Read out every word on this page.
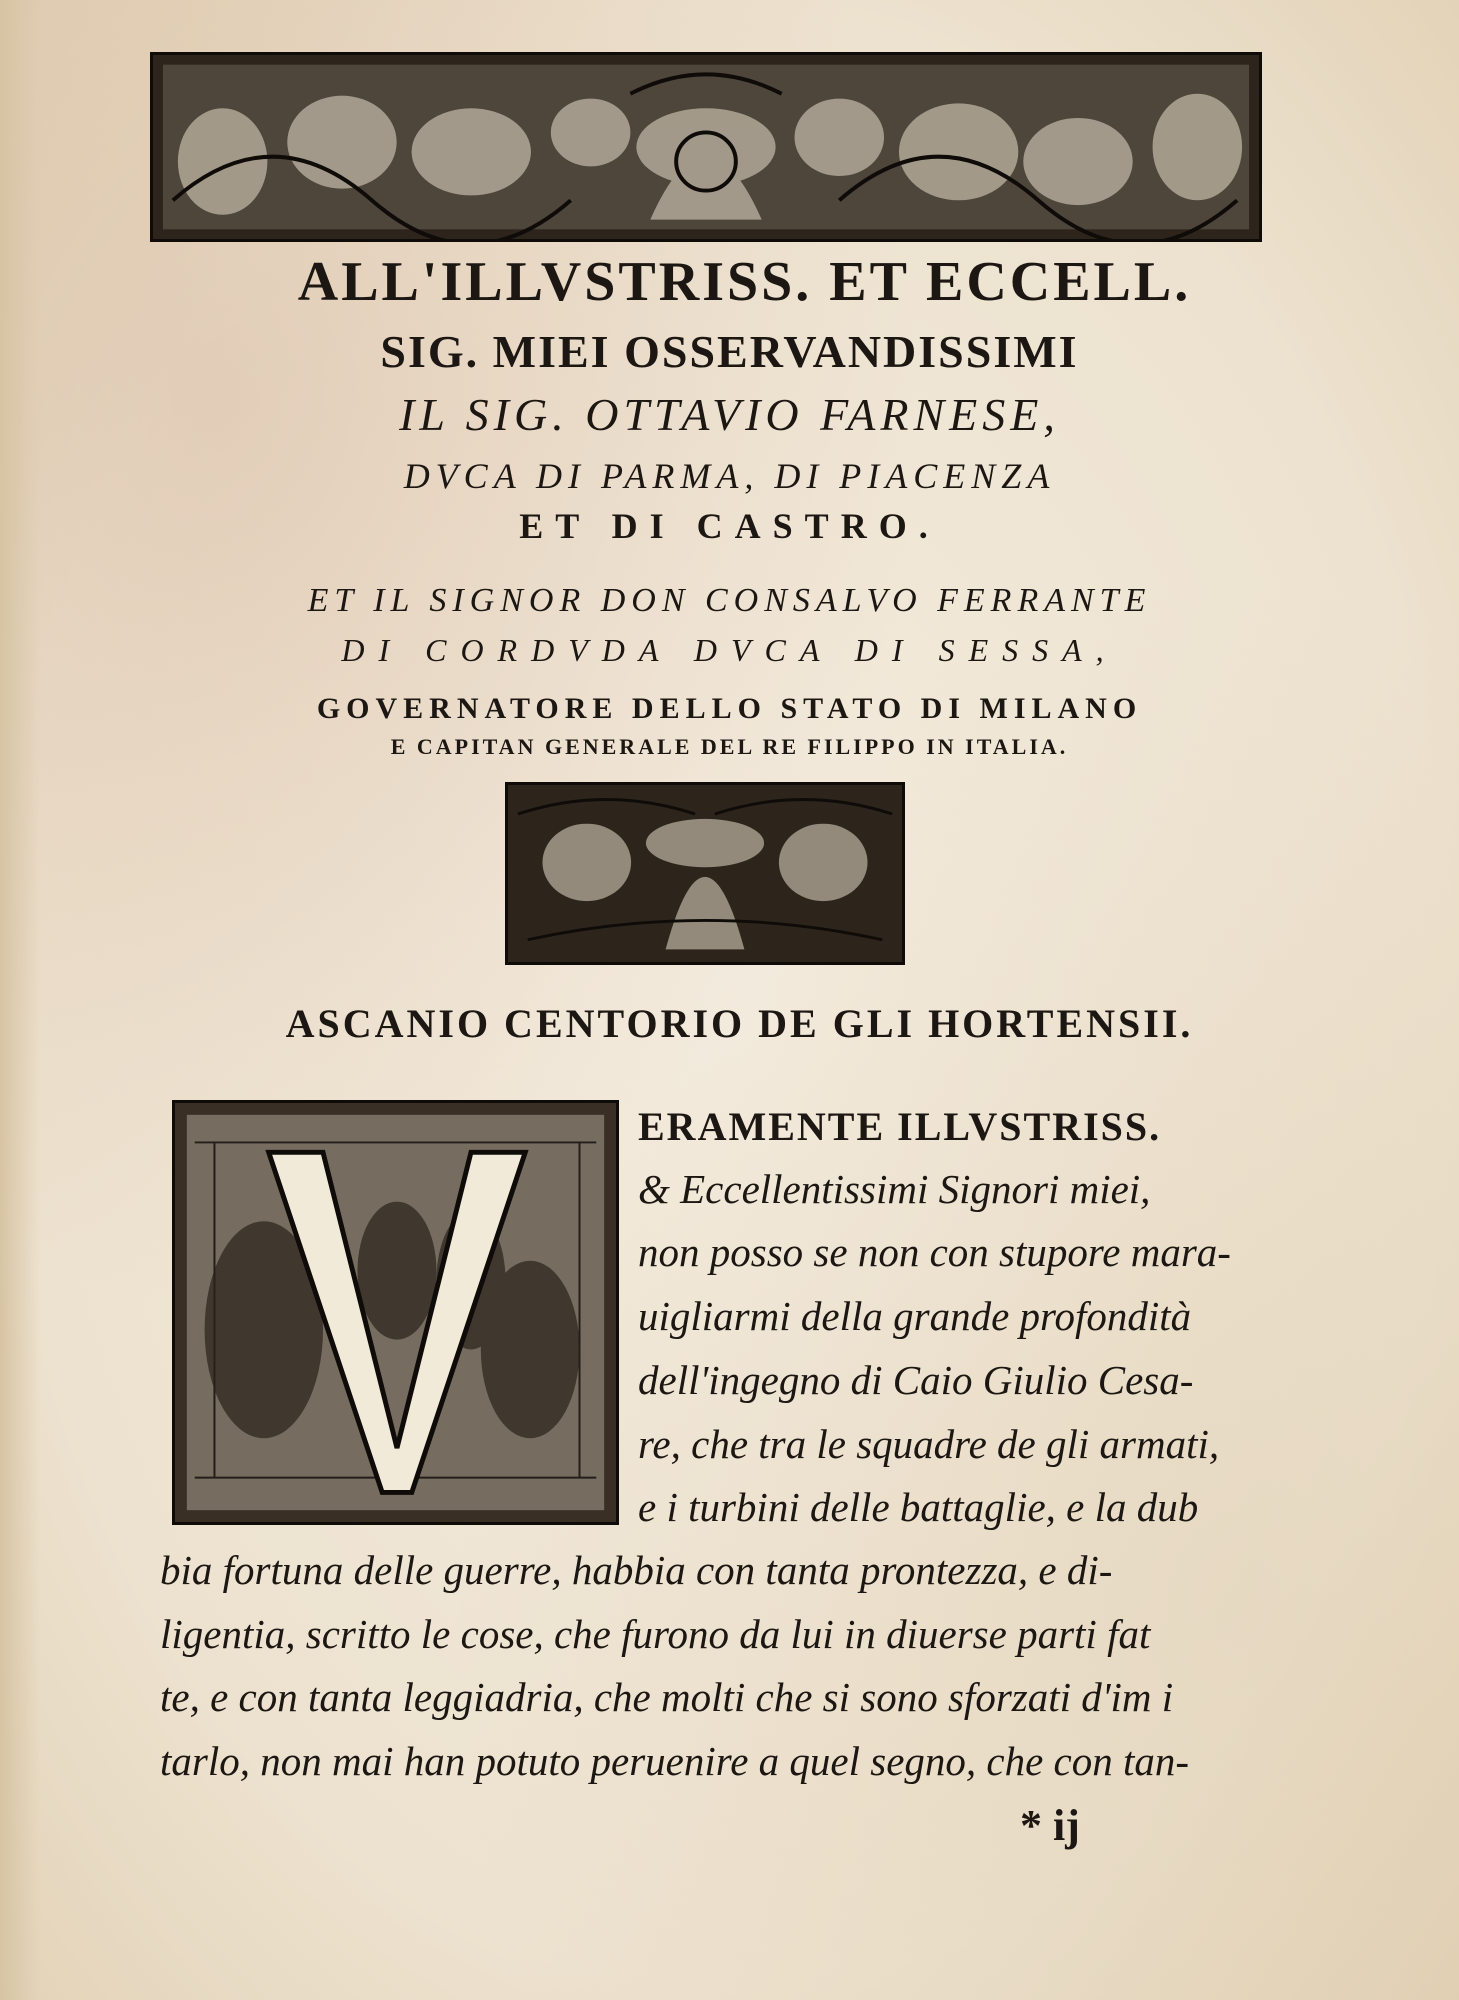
ALL'ILLVSTRISS. ET ECCELL.
SIG. MIEI OSSERVANDISSIMI
IL SIG. OTTAVIO FARNESE,
DVCA DI PARMA, DI PIACENZA
ET DI CASTRO.
ET IL SIGNOR DON CONSALVO FERRANTE
DI CORDVDA DVCA DI SESSA,
GOVERNATORE DELLO STATO DI MILANO
E CAPITAN GENERALE DEL RE FILIPPO IN ITALIA.
ASCANIO CENTORIO DE GLI HORTENSII.
ERAMENTE ILLVSTRISS.
& Eccellentissimi Signori miei,
non posso se non con stupore mara-
uigliarmi della grande profondità
dell'ingegno di Caio Giulio Cesa-
re, che tra le squadre de gli armati,
e i turbini delle battaglie, e la dub
bia fortuna delle guerre, habbia con tanta prontezza, e di-
ligentia, scritto le cose, che furono da lui in diuerse parti fat
te, e con tanta leggiadria, che molti che si sono sforzati d'im i
tarlo, non mai han potuto peruenire a quel segno, che con tan-
* ij
